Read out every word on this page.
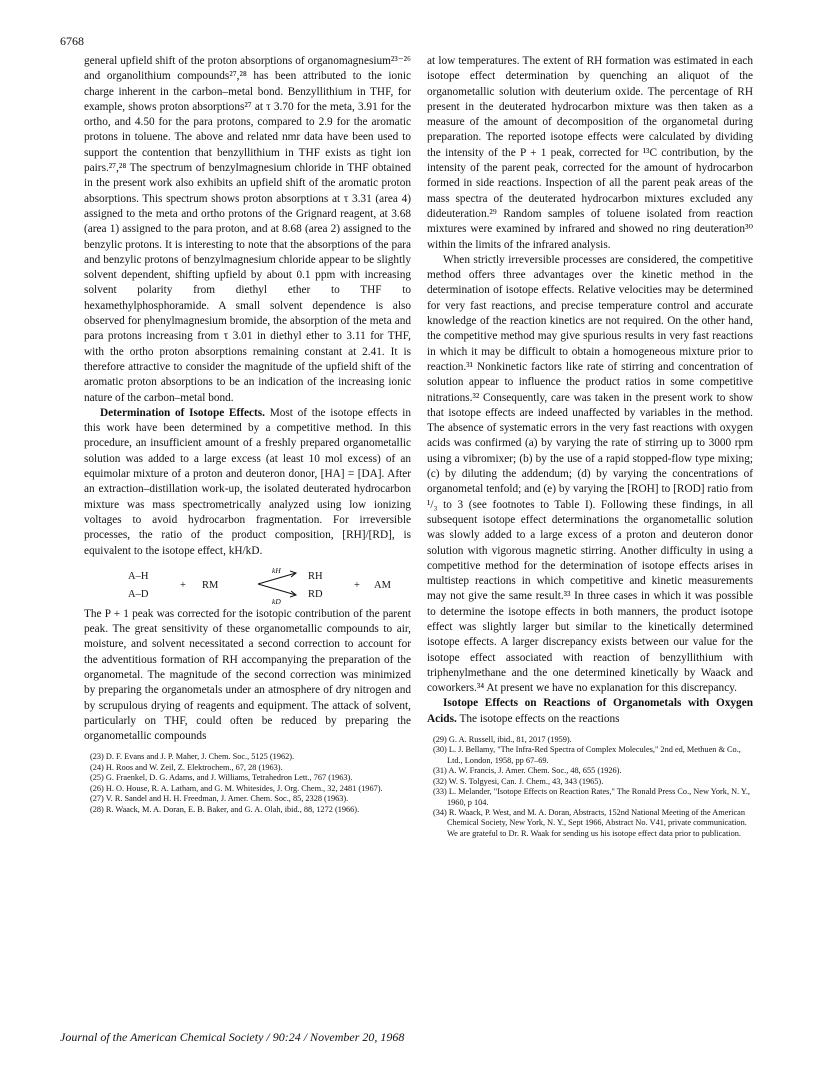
6768

general upfield shift of the proton absorptions of organomagnesium²³⁻²⁶ and organolithium compounds²⁷,²⁸ has been attributed to the ionic charge inherent in the carbon–metal bond. Benzyllithium in THF, for example, shows proton absorptions²⁷ at τ 3.70 for the meta, 3.91 for the ortho, and 4.50 for the para protons, compared to 2.9 for the aromatic protons in toluene. The above and related nmr data have been used to support the contention that benzyllithium in THF exists as tight ion pairs.²⁷,²⁸ The spectrum of benzylmagnesium chloride in THF obtained in the present work also exhibits an upfield shift of the aromatic proton absorptions. This spectrum shows proton absorptions at τ 3.31 (area 4) assigned to the meta and ortho protons of the Grignard reagent, at 3.68 (area 1) assigned to the para proton, and at 8.68 (area 2) assigned to the benzylic protons. It is interesting to note that the absorptions of the para and benzylic protons of benzylmagnesium chloride appear to be slightly solvent dependent, shifting upfield by about 0.1 ppm with increasing solvent polarity from diethyl ether to THF to hexamethylphosphoramide. A small solvent dependence is also observed for phenylmagnesium bromide, the absorption of the meta and para protons increasing from τ 3.01 in diethyl ether to 3.11 for THF, with the ortho proton absorptions remaining constant at 2.41. It is therefore attractive to consider the magnitude of the upfield shift of the aromatic proton absorptions to be an indication of the increasing ionic nature of the carbon–metal bond.

Determination of Isotope Effects. Most of the isotope effects in this work have been determined by a competitive method. In this procedure, an insufficient amount of a freshly prepared organometallic solution was added to a large excess (at least 10 mol excess) of an equimolar mixture of a proton and deuteron donor, [HA] = [DA]. After an extraction–distillation work-up, the isolated deuterated hydrocarbon mixture was mass spectrometrically analyzed using low ionizing voltages to avoid hydrocarbon fragmentation. For irreversible processes, the ratio of the product composition, [RH]/[RD], is equivalent to the isotope effect, kH/kD.

A–H
A–D
+ RM
kH
kD
RH
RD
+ AM

The P + 1 peak was corrected for the isotopic contribution of the parent peak. The great sensitivity of these organometallic compounds to air, moisture, and solvent necessitated a second correction to account for the adventitious formation of RH accompanying the preparation of the organometal. The magnitude of the second correction was minimized by preparing the organometals under an atmosphere of dry nitrogen and by scrupulous drying of reagents and equipment. The attack of solvent, particularly on THF, could often be reduced by preparing the organometallic compounds

(23) D. F. Evans and J. P. Maher, J. Chem. Soc., 5125 (1962).
(24) H. Roos and W. Zeil, Z. Elektrochem., 67, 28 (1963).
(25) G. Fraenkel, D. G. Adams, and J. Williams, Tetrahedron Lett., 767 (1963).
(26) H. O. House, R. A. Latham, and G. M. Whitesides, J. Org. Chem., 32, 2481 (1967).
(27) V. R. Sandel and H. H. Freedman, J. Amer. Chem. Soc., 85, 2328 (1963).
(28) R. Waack, M. A. Doran, E. B. Baker, and G. A. Olah, ibid., 88, 1272 (1966).

at low temperatures. The extent of RH formation was estimated in each isotope effect determination by quenching an aliquot of the organometallic solution with deuterium oxide. The percentage of RH present in the deuterated hydrocarbon mixture was then taken as a measure of the amount of decomposition of the organometal during preparation. The reported isotope effects were calculated by dividing the intensity of the P + 1 peak, corrected for ¹³C contribution, by the intensity of the parent peak, corrected for the amount of hydrocarbon formed in side reactions. Inspection of all the parent peak areas of the mass spectra of the deuterated hydrocarbon mixtures excluded any dideuteration.²⁹ Random samples of toluene isolated from reaction mixtures were examined by infrared and showed no ring deuteration³⁰ within the limits of the infrared analysis.

When strictly irreversible processes are considered, the competitive method offers three advantages over the kinetic method in the determination of isotope effects. Relative velocities may be determined for very fast reactions, and precise temperature control and accurate knowledge of the reaction kinetics are not required. On the other hand, the competitive method may give spurious results in very fast reactions in which it may be difficult to obtain a homogeneous mixture prior to reaction.³¹ Nonkinetic factors like rate of stirring and concentration of solution appear to influence the product ratios in some competitive nitrations.³² Consequently, care was taken in the present work to show that isotope effects are indeed unaffected by variables in the method. The absence of systematic errors in the very fast reactions with oxygen acids was confirmed (a) by varying the rate of stirring up to 3000 rpm using a vibromixer; (b) by the use of a rapid stopped-flow type mixing; (c) by diluting the addendum; (d) by varying the concentrations of organometal tenfold; and (e) by varying the [ROH] to [ROD] ratio from ¹/₃ to 3 (see footnotes to Table I). Following these findings, in all subsequent isotope effect determinations the organometallic solution was slowly added to a large excess of a proton and deuteron donor solution with vigorous magnetic stirring. Another difficulty in using a competitive method for the determination of isotope effects arises in multistep reactions in which competitive and kinetic measurements may not give the same result.³³ In three cases in which it was possible to determine the isotope effects in both manners, the product isotope effect was slightly larger but similar to the kinetically determined isotope effects. A larger discrepancy exists between our value for the isotope effect associated with reaction of benzyllithium with triphenylmethane and the one determined kinetically by Waack and coworkers.³⁴ At present we have no explanation for this discrepancy.

Isotope Effects on Reactions of Organometals with Oxygen Acids. The isotope effects on the reactions

(29) G. A. Russell, ibid., 81, 2017 (1959).
(30) L. J. Bellamy, "The Infra-Red Spectra of Complex Molecules," 2nd ed, Methuen & Co., Ltd., London, 1958, pp 67–69.
(31) A. W. Francis, J. Amer. Chem. Soc., 48, 655 (1926).
(32) W. S. Tolgyesi, Can. J. Chem., 43, 343 (1965).
(33) L. Melander, "Isotope Effects on Reaction Rates," The Ronald Press Co., New York, N. Y., 1960, p 104.
(34) R. Waack, P. West, and M. A. Doran, Abstracts, 152nd National Meeting of the American Chemical Society, New York, N. Y., Sept 1966, Abstract No. V41, private communication. We are grateful to Dr. R. Waak for sending us his isotope effect data prior to publication.
Journal of the American Chemical Society / 90:24 / November 20, 1968
